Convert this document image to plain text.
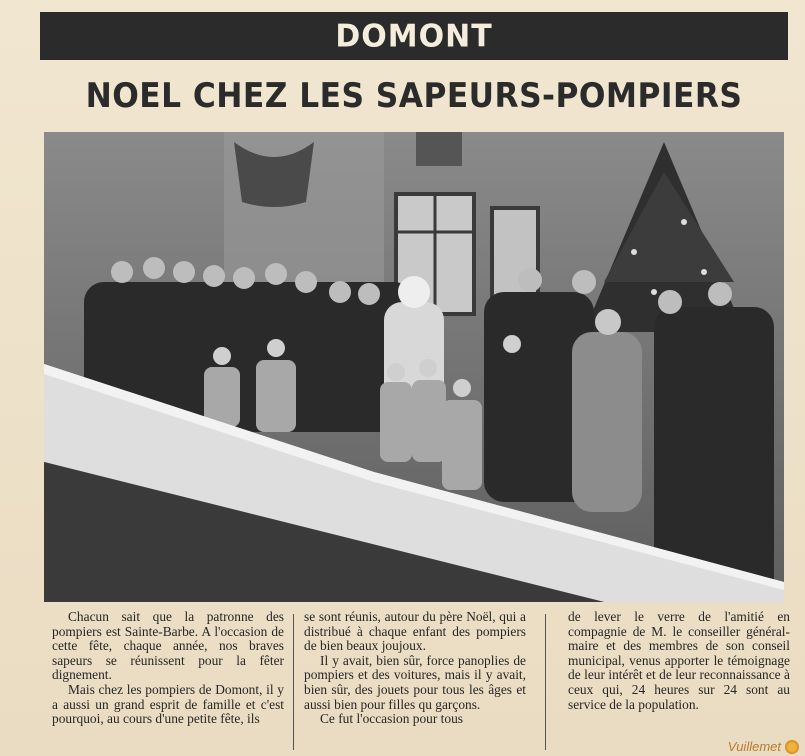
DOMONT
NOEL CHEZ LES SAPEURS-POMPIERS

Chacun sait que la patronne des pompiers est Sainte-Barbe. A l'occasion de cette fête, chaque année, nos braves sapeurs se réunissent pour la fêter dignement.

Mais chez les pompiers de Domont, il y a aussi un grand esprit de famille et c'est pourquoi, au cours d'une petite fête, ils

se sont réunis, autour du père Noël, qui a distribué à chaque enfant des pompiers de bien beaux joujoux.

Il y avait, bien sûr, force panoplies de pompiers et des voitures, mais il y avait, bien sûr, des jouets pour tous les âges et aussi bien pour filles qu garçons.

Ce fut l'occasion pour tous

de lever le verre de l'amitié en compagnie de M. le conseiller général-maire et des membres de son conseil municipal, venus apporter le témoignage de leur intérêt et de leur reconnaissance à ceux qui, 24 heures sur 24 sont au service de la population.

Vuillemet
